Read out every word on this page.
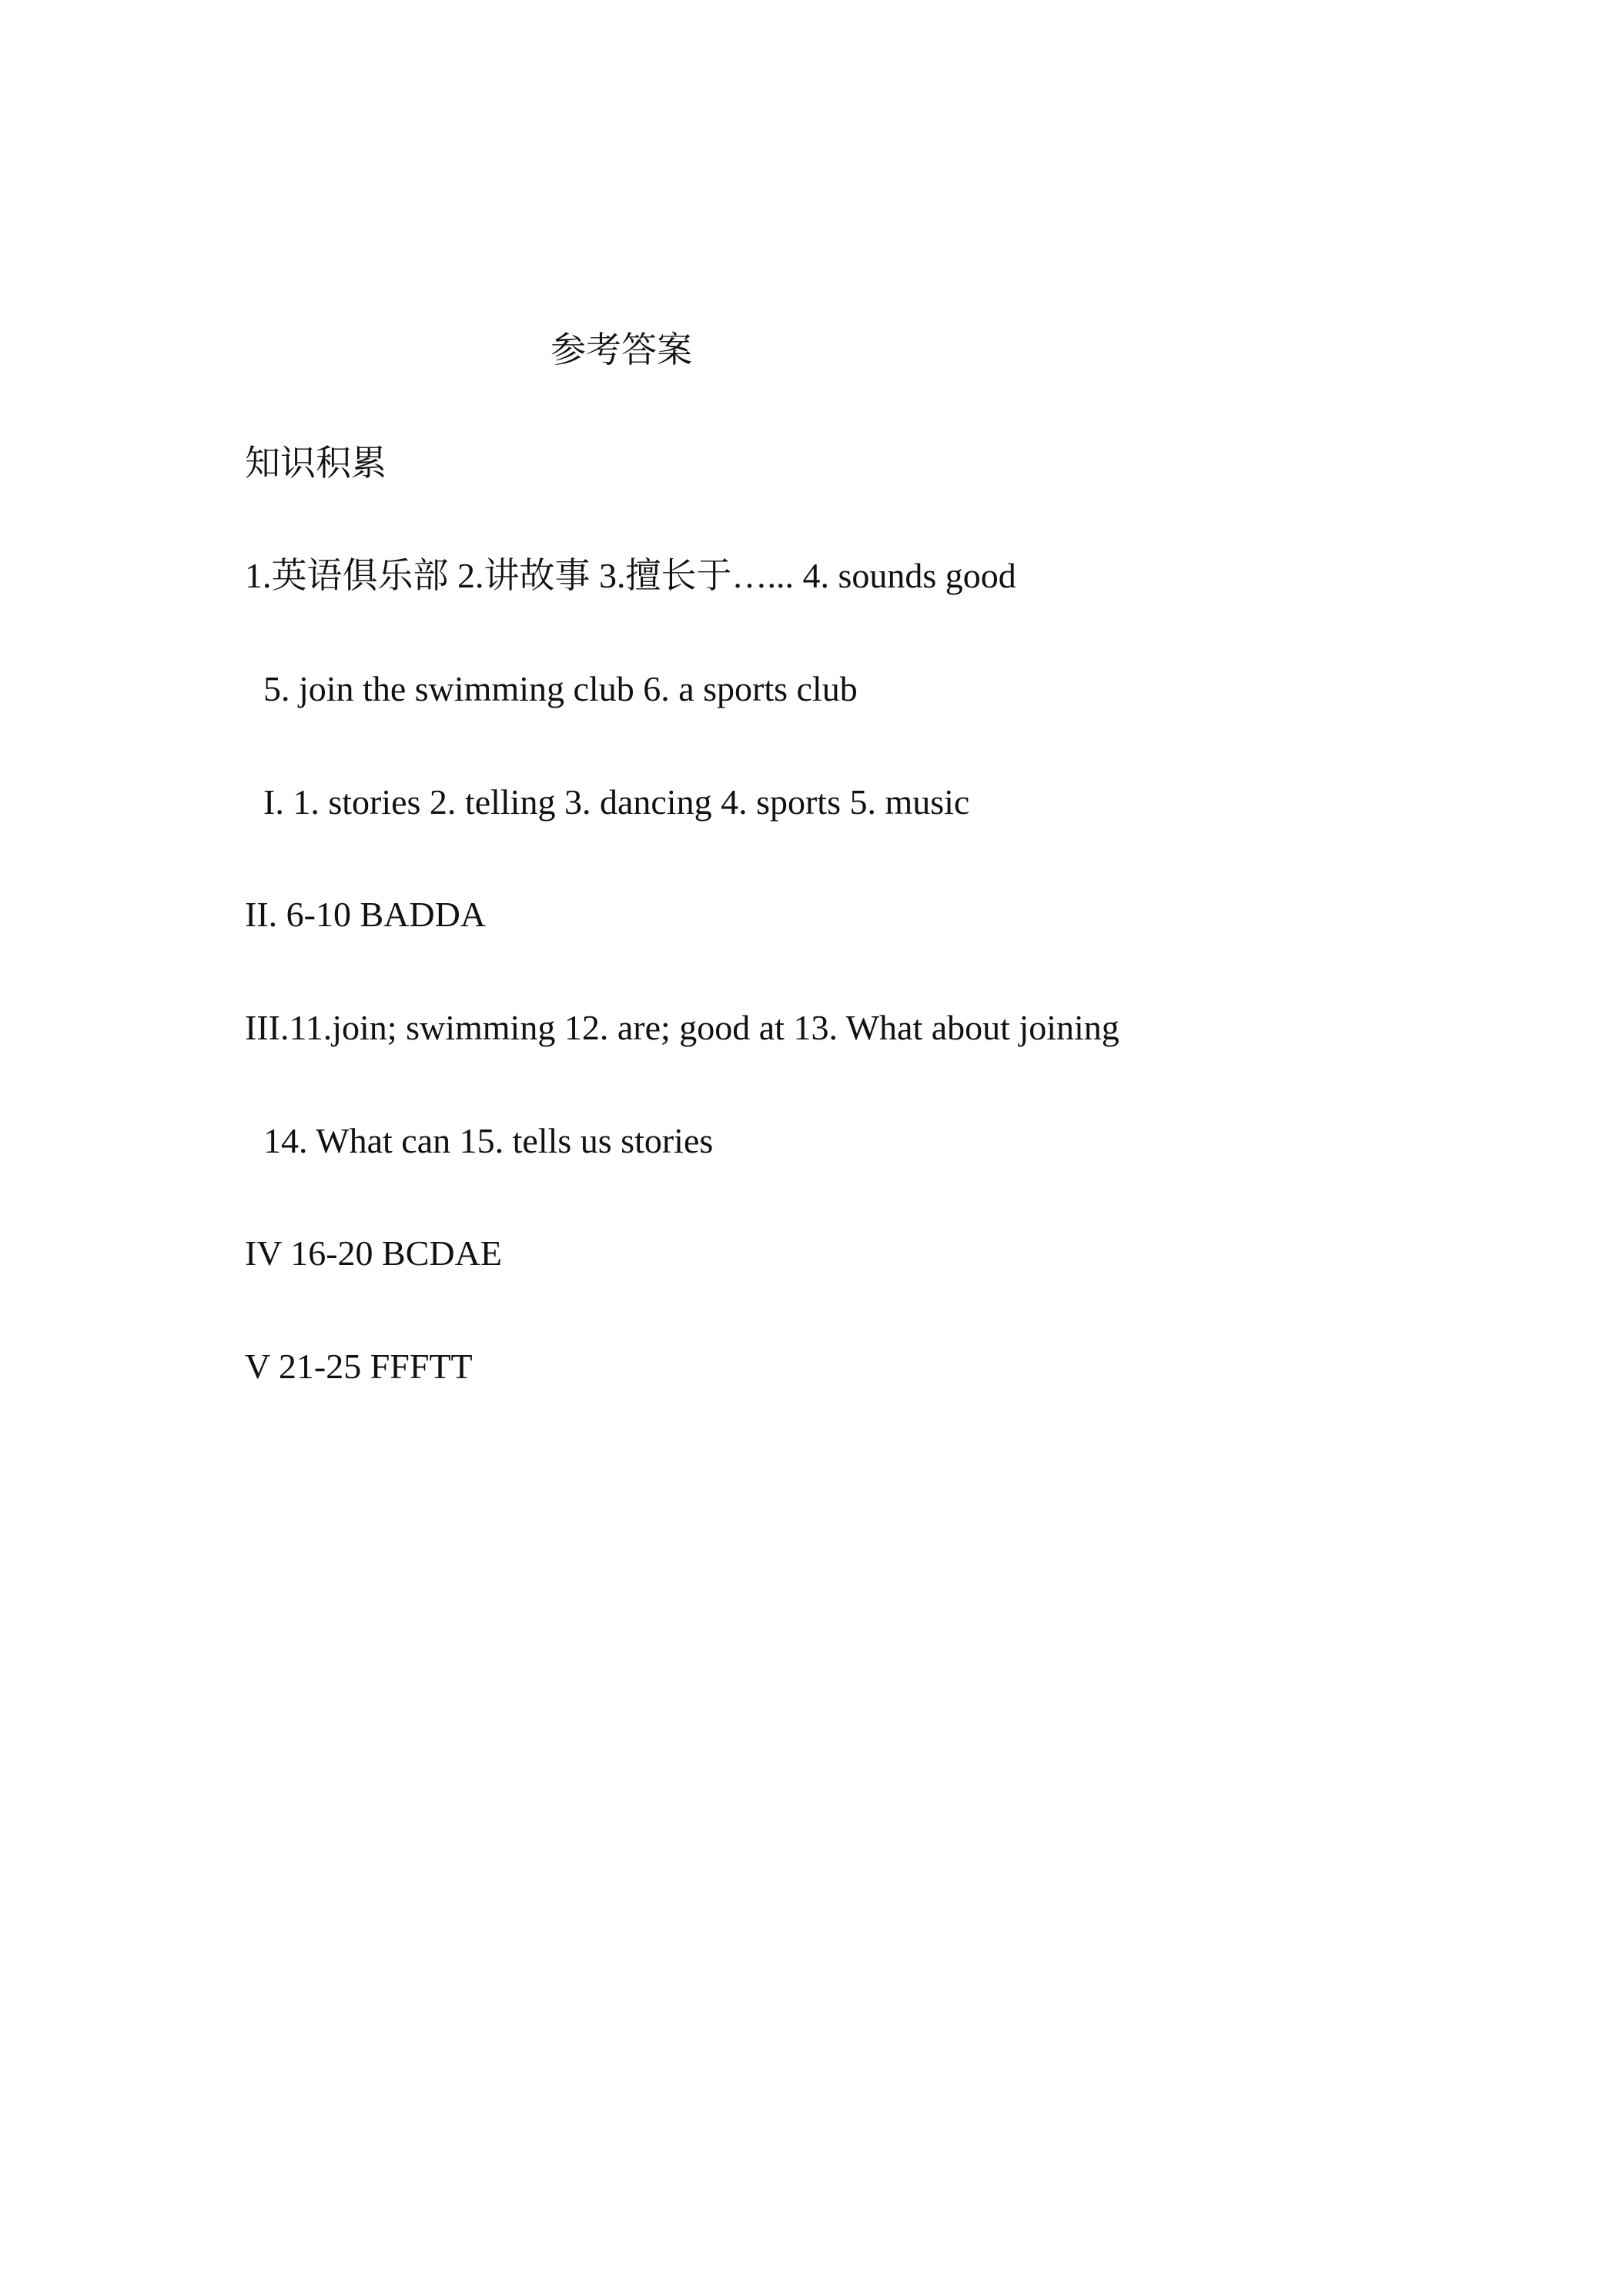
参考答案
知识积累

1.英语俱乐部 2.讲故事 3.擅长于…... 4. sounds good

5. join the swimming club 6. a sports club

I. 1. stories 2. telling 3. dancing 4. sports 5. music

II. 6-10 BADDA

III.11.join; swimming 12. are; good at 13. What about joining

14. What can 15. tells us stories

IV 16-20 BCDAE

V 21-25 FFFTT
